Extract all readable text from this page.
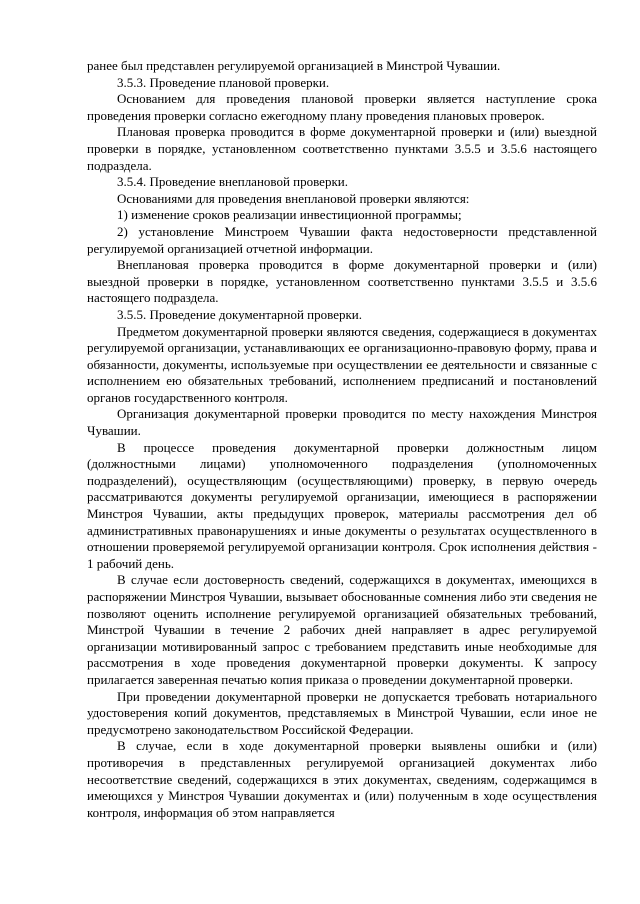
ранее был представлен регулируемой организацией в Минстрой Чувашии.

3.5.3. Проведение плановой проверки.

Основанием для проведения плановой проверки является наступление срока проведения проверки согласно ежегодному плану проведения плановых проверок.

Плановая проверка проводится в форме документарной проверки и (или) выездной проверки в порядке, установленном соответственно пунктами 3.5.5 и 3.5.6 настоящего подраздела.

3.5.4. Проведение внеплановой проверки.

Основаниями для проведения внеплановой проверки являются:

1) изменение сроков реализации инвестиционной программы;

2) установление Минстроем Чувашии факта недостоверности представленной регулируемой организацией отчетной информации.

Внеплановая проверка проводится в форме документарной проверки и (или) выездной проверки в порядке, установленном соответственно пунктами 3.5.5 и 3.5.6 настоящего подраздела.

3.5.5. Проведение документарной проверки.

Предметом документарной проверки являются сведения, содержащиеся в документах регулируемой организации, устанавливающих ее организационно-правовую форму, права и обязанности, документы, используемые при осуществлении ее деятельности и связанные с исполнением ею обязательных требований, исполнением предписаний и постановлений органов государственного контроля.

Организация документарной проверки проводится по месту нахождения Минстроя Чувашии.

В процессе проведения документарной проверки должностным лицом (должностными лицами) уполномоченного подразделения (уполномоченных подразделений), осуществляющим (осуществляющими) проверку, в первую очередь рассматриваются документы регулируемой организации, имеющиеся в распоряжении Минстроя Чувашии, акты предыдущих проверок, материалы рассмотрения дел об административных правонарушениях и иные документы о результатах осуществленного в отношении проверяемой регулируемой организации контроля. Срок исполнения действия - 1 рабочий день.

В случае если достоверность сведений, содержащихся в документах, имеющихся в распоряжении Минстроя Чувашии, вызывает обоснованные сомнения либо эти сведения не позволяют оценить исполнение регулируемой организацией обязательных требований, Минстрой Чувашии в течение 2 рабочих дней направляет в адрес регулируемой организации мотивированный запрос с требованием представить иные необходимые для рассмотрения в ходе проведения документарной проверки документы. К запросу прилагается заверенная печатью копия приказа о проведении документарной проверки.

При проведении документарной проверки не допускается требовать нотариального удостоверения копий документов, представляемых в Минстрой Чувашии, если иное не предусмотрено законодательством Российской Федерации.

В случае, если в ходе документарной проверки выявлены ошибки и (или) противоречия в представленных регулируемой организацией документах либо несоответствие сведений, содержащихся в этих документах, сведениям, содержащимся в имеющихся у Минстроя Чувашии документах и (или) полученным в ходе осуществления контроля, информация об этом направляется
